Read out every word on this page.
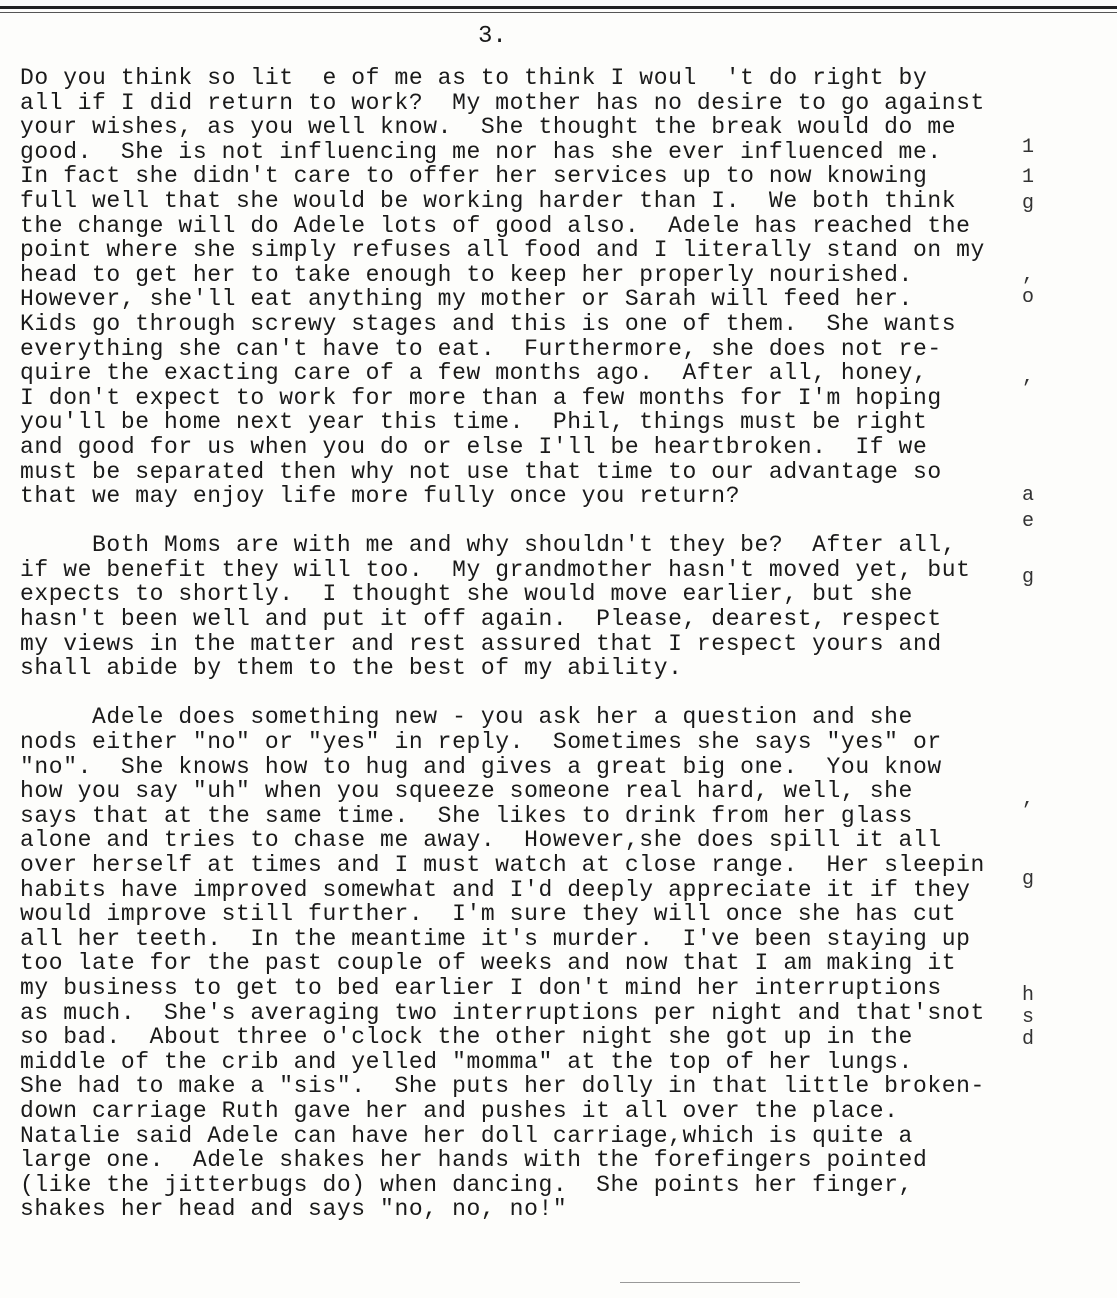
3.
Do you think so lit  e of me as to think I woul  't do right by
all if I did return to work?  My mother has no desire to go against
your wishes, as you well know.  She thought the break would do me
good.  She is not influencing me nor has she ever influenced me.
In fact she didn't care to offer her services up to now knowing
full well that she would be working harder than I.  We both think
the change will do Adele lots of good also.  Adele has reached the
point where she simply refuses all food and I literally stand on my
head to get her to take enough to keep her properly nourished.
However, she'll eat anything my mother or Sarah will feed her.
Kids go through screwy stages and this is one of them.  She wants
everything she can't have to eat.  Furthermore, she does not re-
quire the exacting care of a few months ago.  After all, honey,
I don't expect to work for more than a few months for I'm hoping
you'll be home next year this time.  Phil, things must be right
and good for us when you do or else I'll be heartbroken.  If we
must be separated then why not use that time to our advantage so
that we may enjoy life more fully once you return?
Both Moms are with me and why shouldn't they be?  After all,
if we benefit they will too.  My grandmother hasn't moved yet, but
expects to shortly.  I thought she would move earlier, but she
hasn't been well and put it off again.  Please, dearest, respect
my views in the matter and rest assured that I respect yours and
shall abide by them to the best of my ability.
Adele does something new - you ask her a question and she
nods either "no" or "yes" in reply.  Sometimes she says "yes" or
"no".  She knows how to hug and gives a great big one.  You know
how you say "uh" when you squeeze someone real hard, well, she
says that at the same time.  She likes to drink from her glass
alone and tries to chase me away.  However,she does spill it all
over herself at times and I must watch at close range.  Her sleepin
habits have improved somewhat and I'd deeply appreciate it if they
would improve still further.  I'm sure they will once she has cut
all her teeth.  In the meantime it's murder.  I've been staying up
too late for the past couple of weeks and now that I am making it
my business to get to bed earlier I don't mind her interruptions
as much.  She's averaging two interruptions per night and that'snot
so bad.  About three o'clock the other night she got up in the
middle of the crib and yelled "momma" at the top of her lungs.
She had to make a "sis".  She puts her dolly in that little broken-
down carriage Ruth gave her and pushes it all over the place.
Natalie said Adele can have her doll carriage,which is quite a
large one.  Adele shakes her hands with the forefingers pointed
(like the jitterbugs do) when dancing.  She points her finger,
shakes her head and says "no, no, no!"
1
1
g
,
o
,
a
e
g
,
g
h
s
d
